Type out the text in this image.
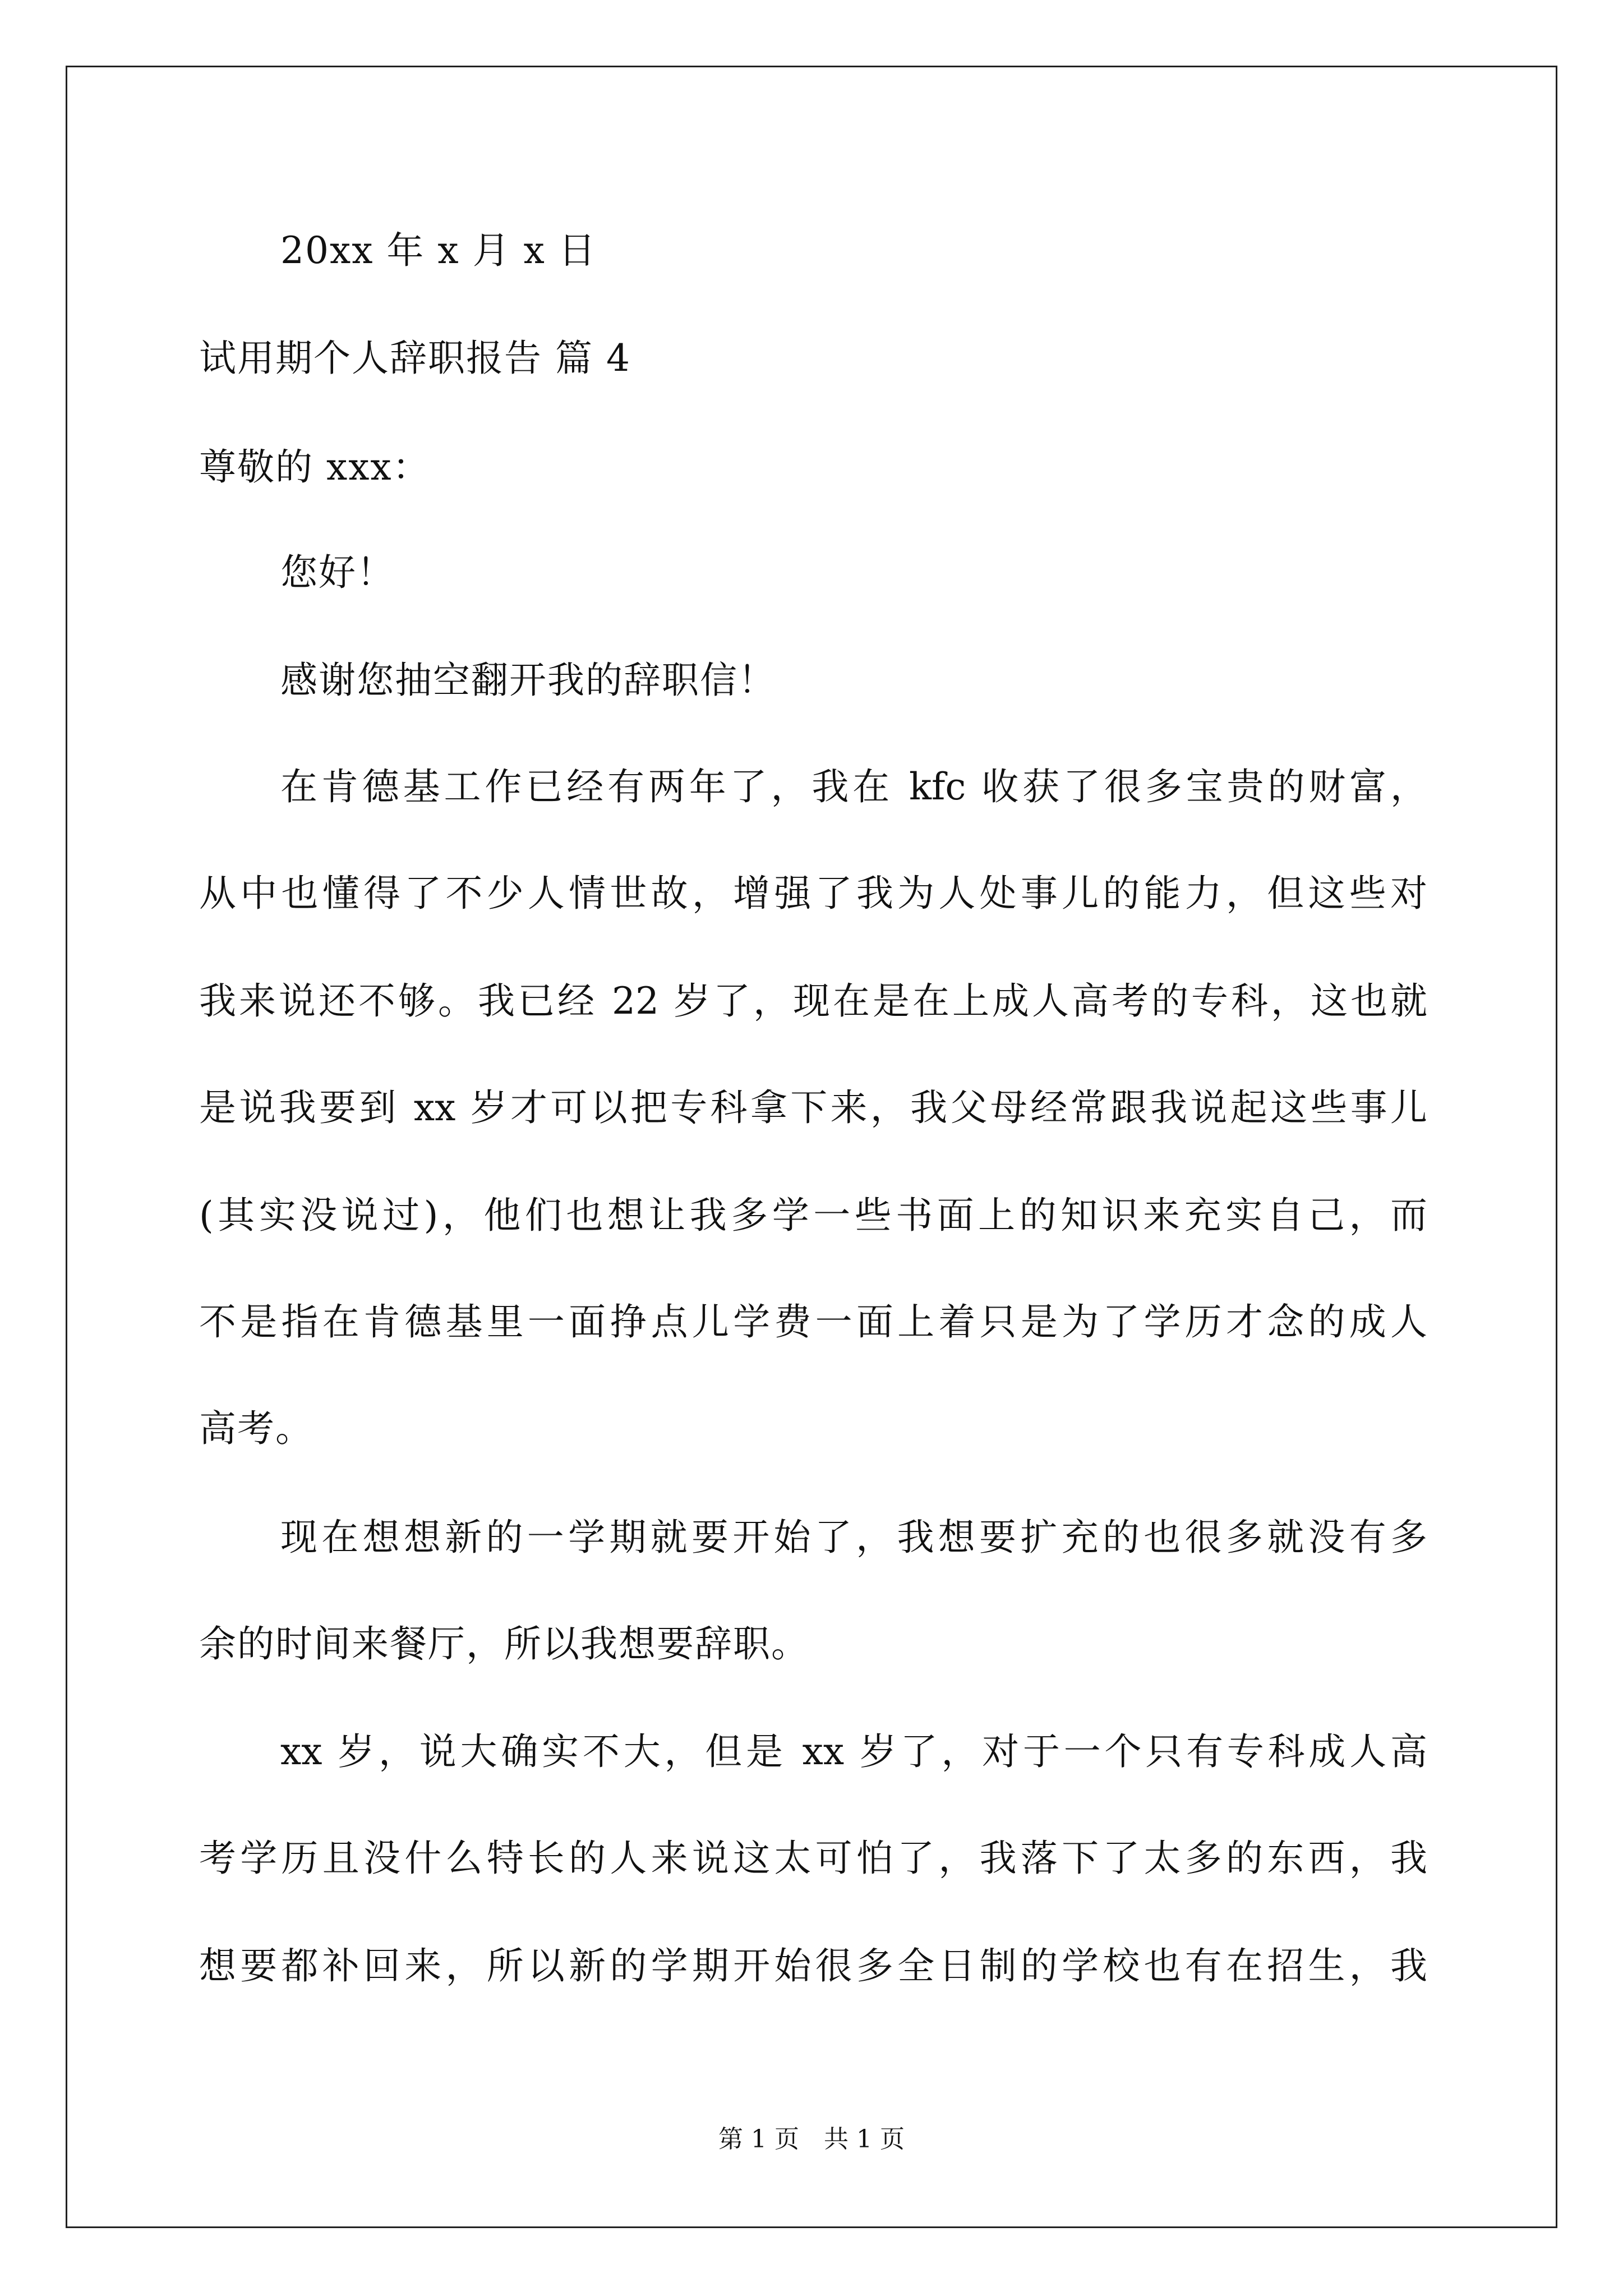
20xx 年 x 月 x 日
试用期个人辞职报告 篇 4
尊敬的 xxx：
您好！
感谢您抽空翻开我的辞职信！
在肯德基工作已经有两年了，我在 kfc 收获了很多宝贵的财富，
从中也懂得了不少人情世故，增强了我为人处事儿的能力，但这些对
我来说还不够。我已经 22 岁了，现在是在上成人高考的专科，这也就
是说我要到 xx 岁才可以把专科拿下来，我父母经常跟我说起这些事儿
(其实没说过)，他们也想让我多学一些书面上的知识来充实自己，而
不是指在肯德基里一面挣点儿学费一面上着只是为了学历才念的成人
高考。
现在想想新的一学期就要开始了，我想要扩充的也很多就没有多
余的时间来餐厅，所以我想要辞职。
xx 岁，说大确实不大，但是 xx 岁了，对于一个只有专科成人高
考学历且没什么特长的人来说这太可怕了，我落下了太多的东西，我
想要都补回来，所以新的学期开始很多全日制的学校也有在招生，我
第 1 页　共 1 页
